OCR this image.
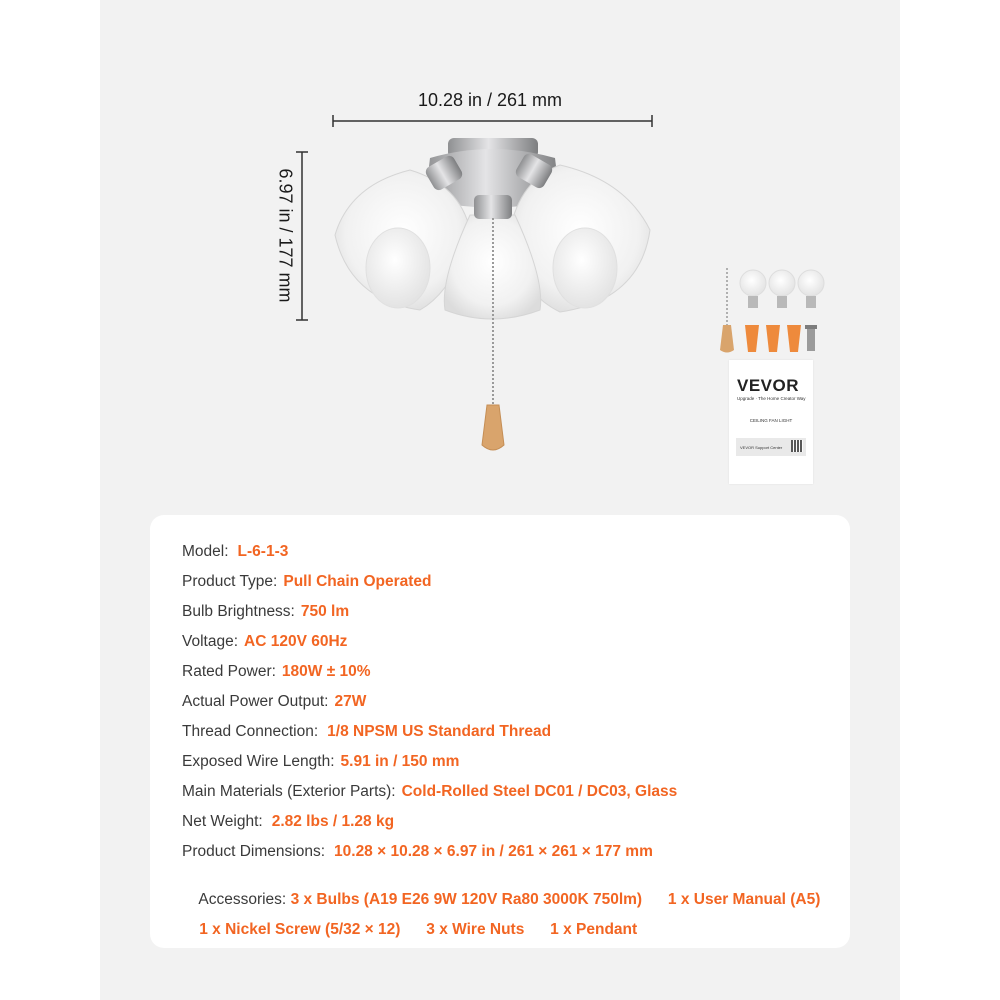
10.28 in / 261 mm
6.97 in / 177 mm
VEVOR
Upgrade · The Home Creator Way
CEILING FAN LIGHT
VEVOR Support Center
Model: L-6-1-3
Product Type: Pull Chain Operated
Bulb Brightness: 750 lm
Voltage: AC 120V 60Hz
Rated Power: 180W ± 10%
Actual Power Output: 27W
Thread Connection: 1/8 NPSM US Standard Thread
Exposed Wire Length: 5.91 in / 150 mm
Main Materials (Exterior Parts): Cold-Rolled Steel DC01 / DC03, Glass
Net Weight: 2.82 lbs / 1.28 kg
Product Dimensions: 10.28 × 10.28 × 6.97 in / 261 × 261 × 177 mm

Accessories: 3 x Bulbs (A19 E26 9W 120V Ra80 3000K 750lm)      1 x User Manual (A5)

1 x Nickel Screw (5/32 × 12)      3 x Wire Nuts      1 x Pendant
